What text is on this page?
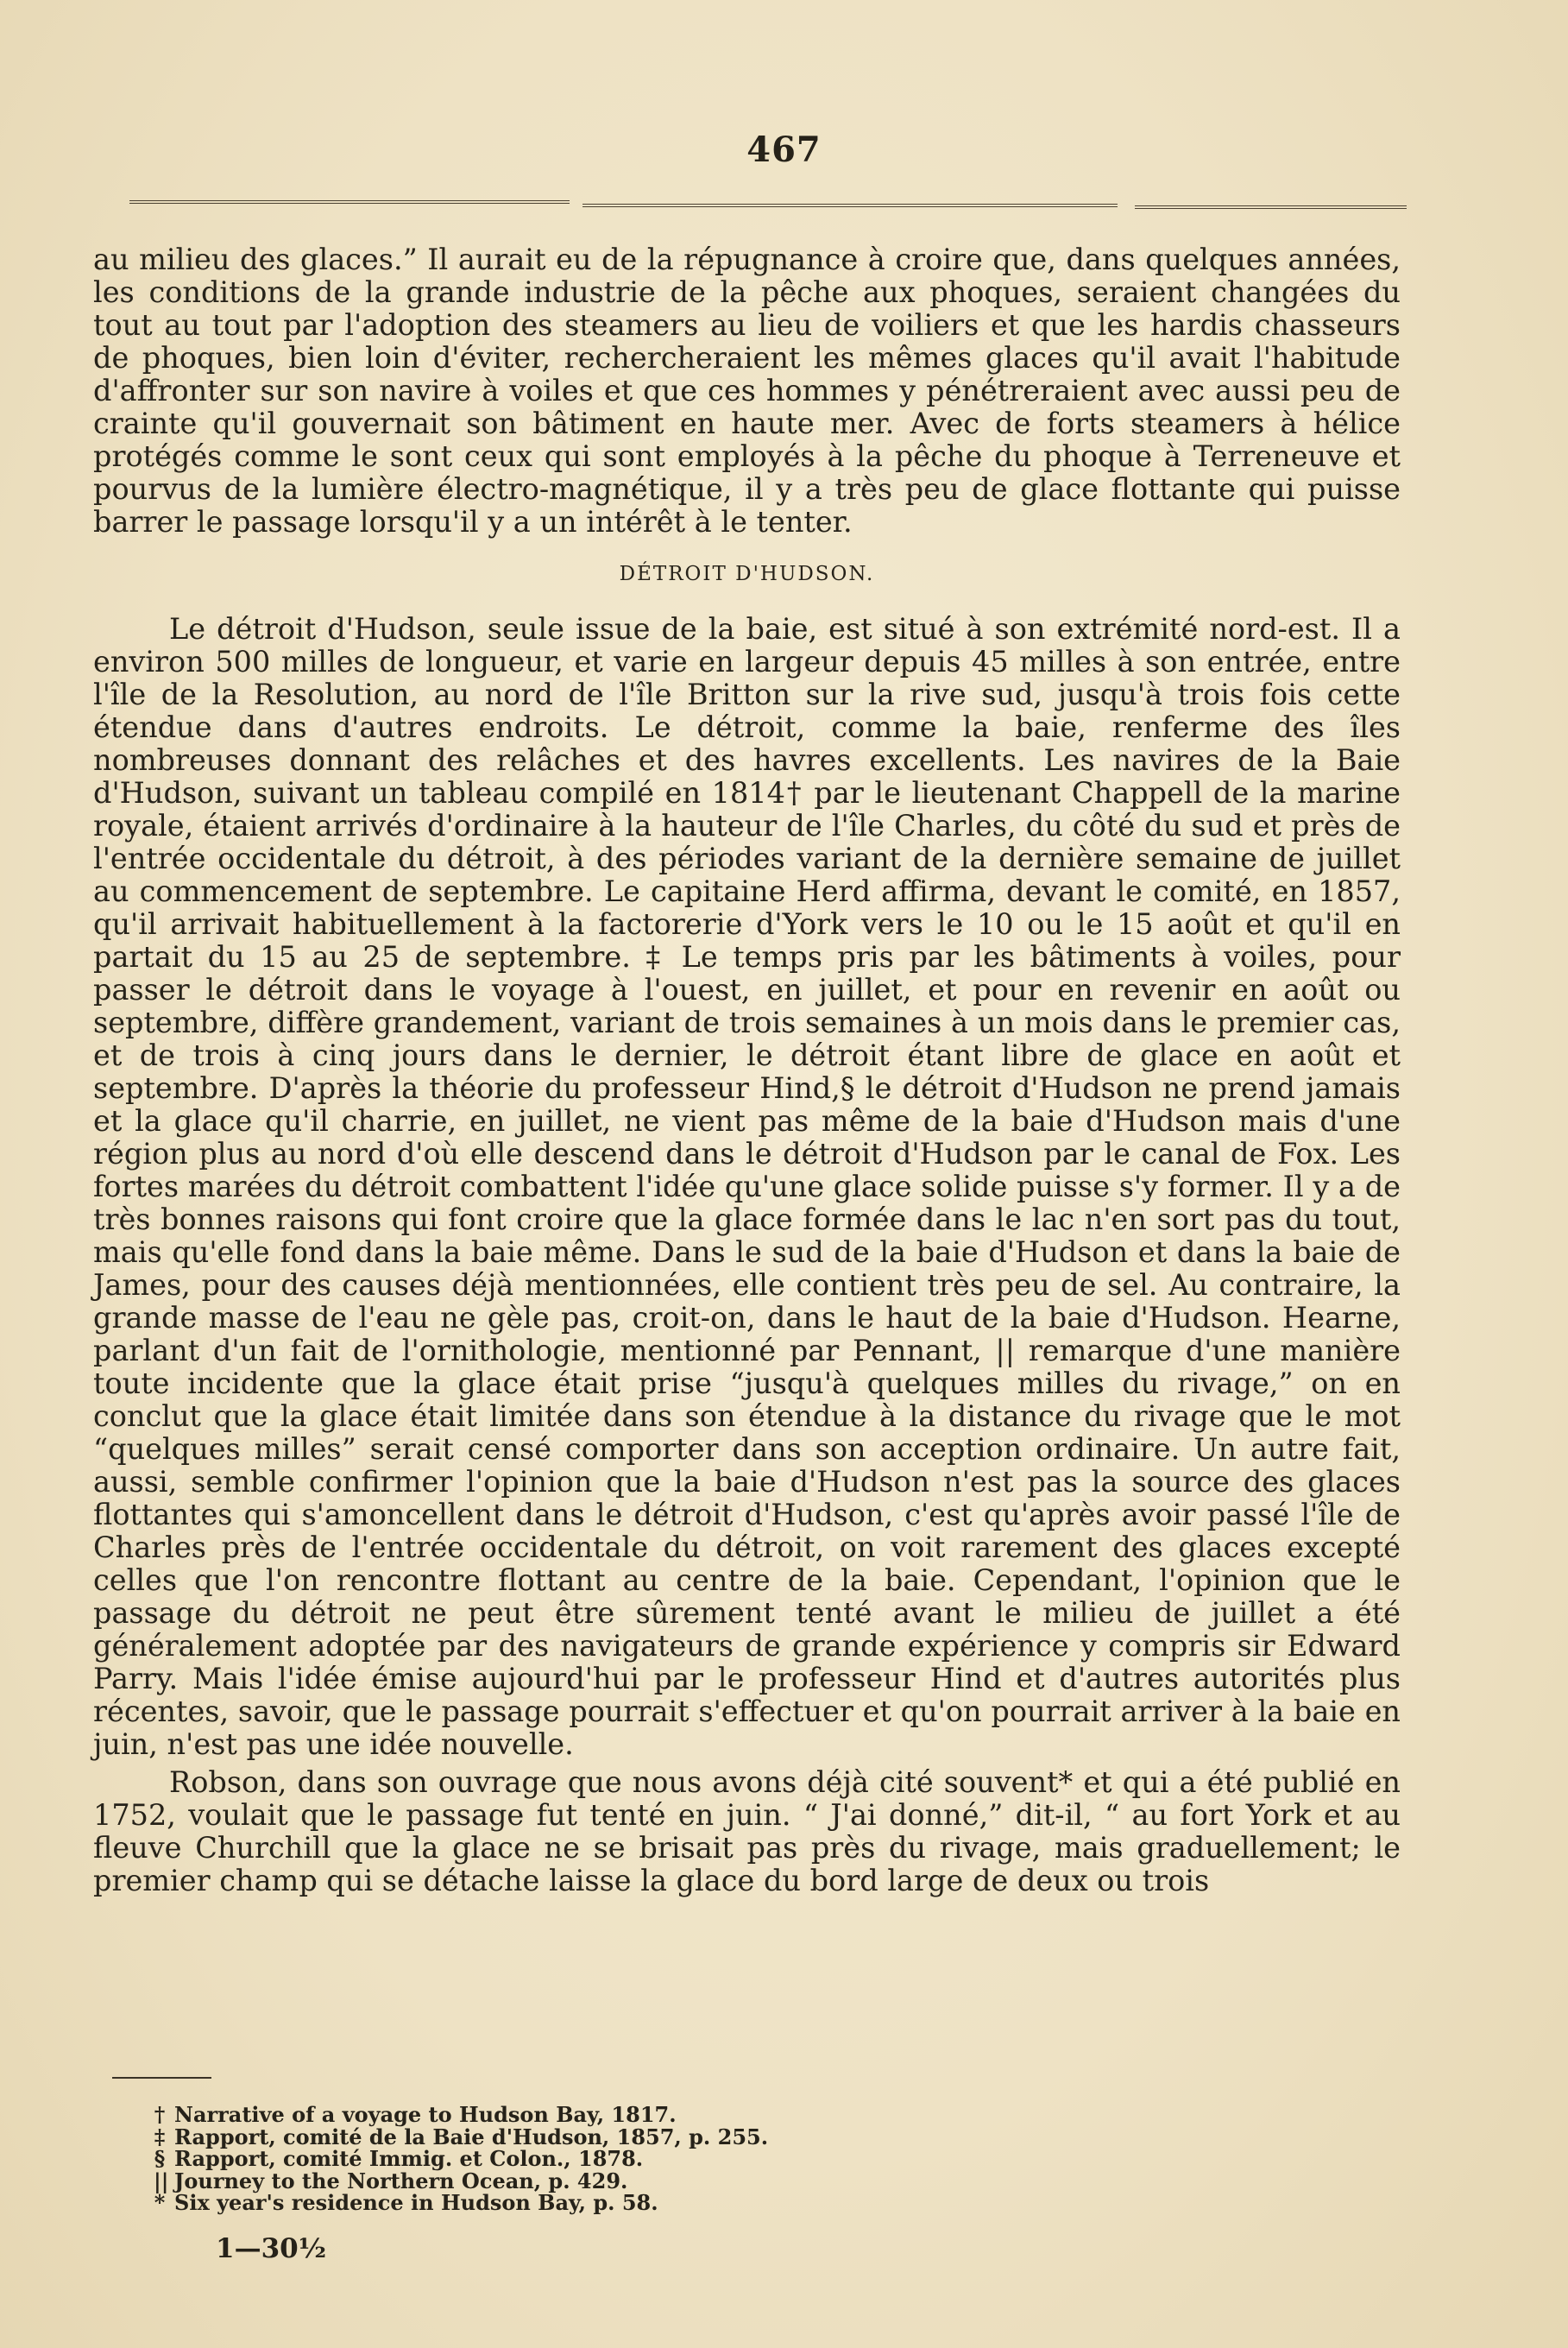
467

au milieu des glaces.” Il aurait eu de la répugnance à croire que, dans quelques années, les conditions de la grande industrie de la pêche aux phoques, seraient changées du tout au tout par l'adoption des steamers au lieu de voiliers et que les hardis chasseurs de phoques, bien loin d'éviter, rechercheraient les mêmes glaces qu'il avait l'habitude d'affronter sur son navire à voiles et que ces hommes y pénétreraient avec aussi peu de crainte qu'il gouvernait son bâtiment en haute mer. Avec de forts steamers à hélice protégés comme le sont ceux qui sont employés à la pêche du phoque à Terreneuve et pourvus de la lumière électro-magnétique, il y a très peu de glace flottante qui puisse barrer le passage lorsqu'il y a un intérêt à le tenter.

DÉTROIT D'HUDSON.

Le détroit d'Hudson, seule issue de la baie, est situé à son extrémité nord-est. Il a environ 500 milles de longueur, et varie en largeur depuis 45 milles à son entrée, entre l'île de la Resolution, au nord de l'île Britton sur la rive sud, jusqu'à trois fois cette étendue dans d'autres endroits. Le détroit, comme la baie, renferme des îles nombreuses donnant des relâches et des havres excellents. Les navires de la Baie d'Hudson, suivant un tableau compilé en 1814† par le lieutenant Chappell de la marine royale, étaient arrivés d'ordinaire à la hauteur de l'île Charles, du côté du sud et près de l'entrée occidentale du détroit, à des périodes variant de la dernière semaine de juillet au commencement de septembre. Le capitaine Herd affirma, devant le comité, en 1857, qu'il arrivait habituellement à la factorerie d'York vers le 10 ou le 15 août et qu'il en partait du 15 au 25 de septembre. ‡ Le temps pris par les bâtiments à voiles, pour passer le détroit dans le voyage à l'ouest, en juillet, et pour en revenir en août ou septembre, diffère grandement, variant de trois semaines à un mois dans le premier cas, et de trois à cinq jours dans le dernier, le détroit étant libre de glace en août et septembre. D'après la théorie du professeur Hind,§ le détroit d'Hudson ne prend jamais et la glace qu'il charrie, en juillet, ne vient pas même de la baie d'Hudson mais d'une région plus au nord d'où elle descend dans le détroit d'Hudson par le canal de Fox. Les fortes marées du détroit combattent l'idée qu'une glace solide puisse s'y former. Il y a de très bonnes raisons qui font croire que la glace formée dans le lac n'en sort pas du tout, mais qu'elle fond dans la baie même. Dans le sud de la baie d'Hudson et dans la baie de James, pour des causes déjà mentionnées, elle contient très peu de sel. Au contraire, la grande masse de l'eau ne gèle pas, croit-on, dans le haut de la baie d'Hudson. Hearne, parlant d'un fait de l'ornithologie, mentionné par Pennant, || remarque d'une manière toute incidente que la glace était prise “jusqu'à quelques milles du rivage,” on en conclut que la glace était limitée dans son étendue à la distance du rivage que le mot “quelques milles” serait censé comporter dans son acception ordinaire. Un autre fait, aussi, semble confirmer l'opinion que la baie d'Hudson n'est pas la source des glaces flottantes qui s'amoncellent dans le détroit d'Hudson, c'est qu'après avoir passé l'île de Charles près de l'entrée occidentale du détroit, on voit rarement des glaces excepté celles que l'on rencontre flottant au centre de la baie. Cependant, l'opinion que le passage du détroit ne peut être sûrement tenté avant le milieu de juillet a été généralement adoptée par des navigateurs de grande expérience y compris sir Edward Parry. Mais l'idée émise aujourd'hui par le professeur Hind et d'autres autorités plus récentes, savoir, que le passage pourrait s'effectuer et qu'on pourrait arriver à la baie en juin, n'est pas une idée nouvelle.

Robson, dans son ouvrage que nous avons déjà cité souvent* et qui a été publié en 1752, voulait que le passage fut tenté en juin. “ J'ai donné,” dit-il, “ au fort York et au fleuve Churchill que la glace ne se brisait pas près du rivage, mais graduellement; le premier champ qui se détache laisse la glace du bord large de deux ou trois

† Narrative of a voyage to Hudson Bay, 1817.
‡ Rapport, comité de la Baie d'Hudson, 1857, p. 255.
§ Rapport, comité Immig. et Colon., 1878.
|| Journey to the Northern Ocean, p. 429.
* Six year's residence in Hudson Bay, p. 58.
1—30½
